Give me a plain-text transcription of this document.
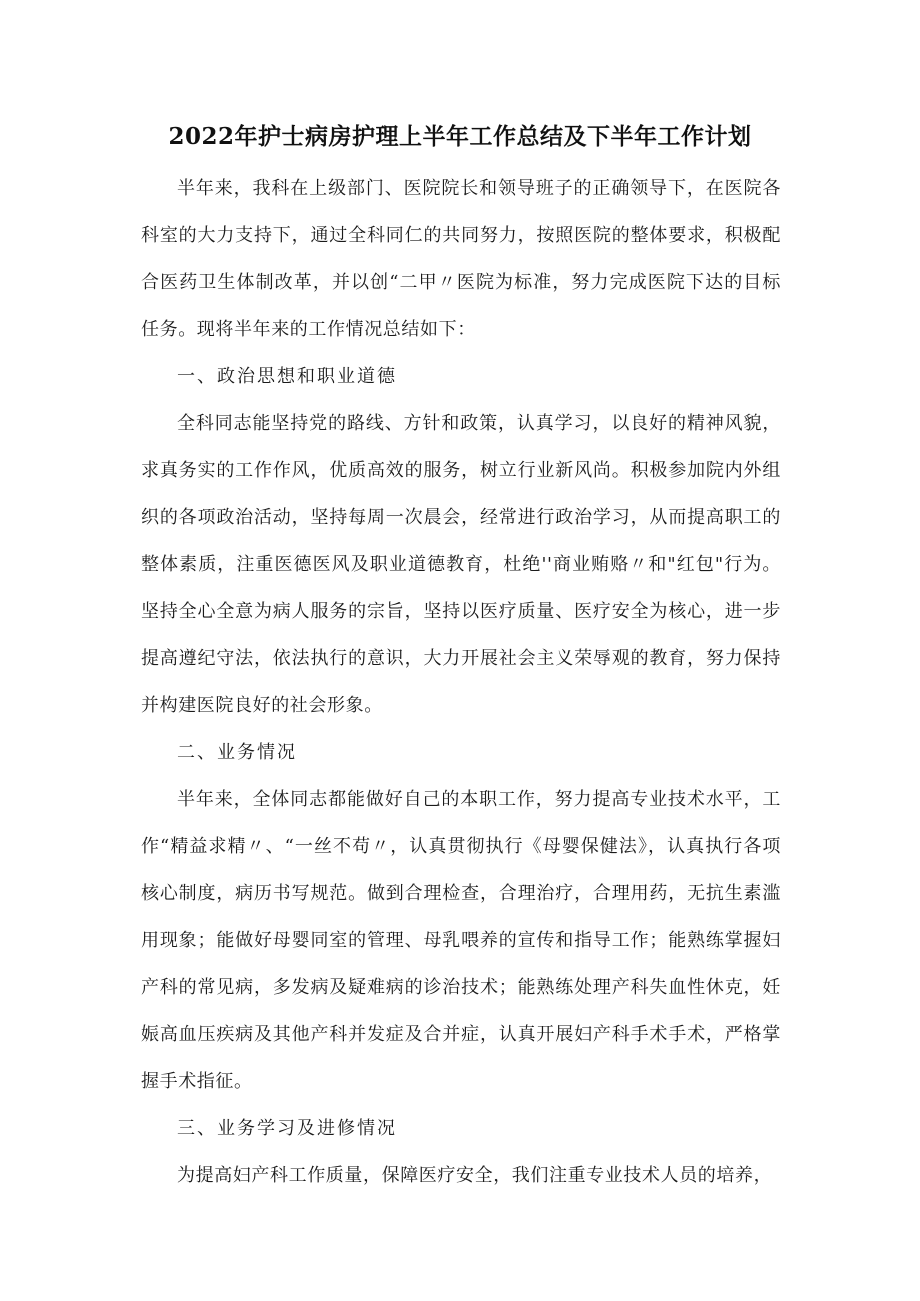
2022年护士病房护理上半年工作总结及下半年工作计划

半年来，我科在上级部门、医院院长和领导班子的正确领导下，在医院各科室的大力支持下，通过全科同仁的共同努力，按照医院的整体要求，积极配合医药卫生体制改革，并以创“二甲〃医院为标准，努力完成医院下达的目标任务。现将半年来的工作情况总结如下：

一、政治思想和职业道德

全科同志能坚持党的路线、方针和政策，认真学习，以良好的精神风貌，求真务实的工作作风，优质高效的服务，树立行业新风尚。积极参加院内外组织的各项政治活动，坚持每周一次晨会，经常进行政治学习，从而提高职工的整体素质，注重医德医风及职业道德教育，杜绝''商业贿赂〃和"红包"行为。坚持全心全意为病人服务的宗旨，坚持以医疗质量、医疗安全为核心，进一步提高遵纪守法，依法执行的意识，大力开展社会主义荣辱观的教育，努力保持并构建医院良好的社会形象。

二、业务情况

半年来，全体同志都能做好自己的本职工作，努力提高专业技术水平，工作“精益求精〃、“一丝不苟〃，认真贯彻执行《母婴保健法》，认真执行各项核心制度，病历书写规范。做到合理检查，合理治疗，合理用药，无抗生素滥用现象；能做好母婴同室的管理、母乳喂养的宣传和指导工作；能熟练掌握妇产科的常见病，多发病及疑难病的诊治技术；能熟练处理产科失血性休克，妊娠高血压疾病及其他产科并发症及合并症，认真开展妇产科手术手术，严格掌握手术指征。

三、业务学习及进修情况

为提高妇产科工作质量，保障医疗安全，我们注重专业技术人员的培养，
